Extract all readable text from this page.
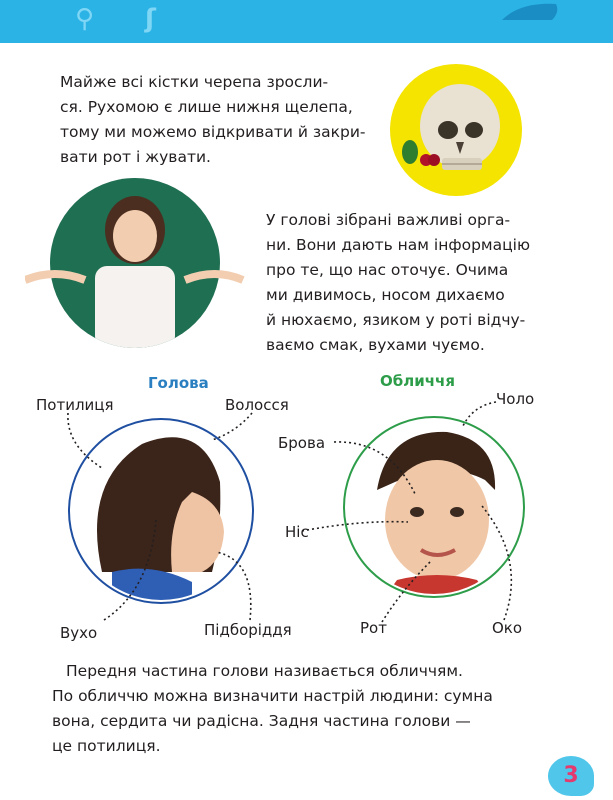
⚲ ʃ
Майже всі кістки черепа зросли-
ся. Рухомою є лише нижня щелепа,
тому ми можемо відкривати й закри-
вати рот і жувати.
У голові зібрані важливі орга-
ни. Вони дають нам інформацію
про те, що нас оточує. Очима
ми дивимось, носом дихаємо
й нюхаємо, язиком у роті відчу-
ваємо смак, вухами чуємо.
Голова	Обличчя
Потилиця	Волосся
Вухо	Підборіддя
Чоло
Брова
Ніс
Рот	Око
Передня частина голови називається обличчям.
По обличчю можна визначити настрій людини: сумна
вона, сердита чи радісна. Задня частина голови —
це потилиця.
3
